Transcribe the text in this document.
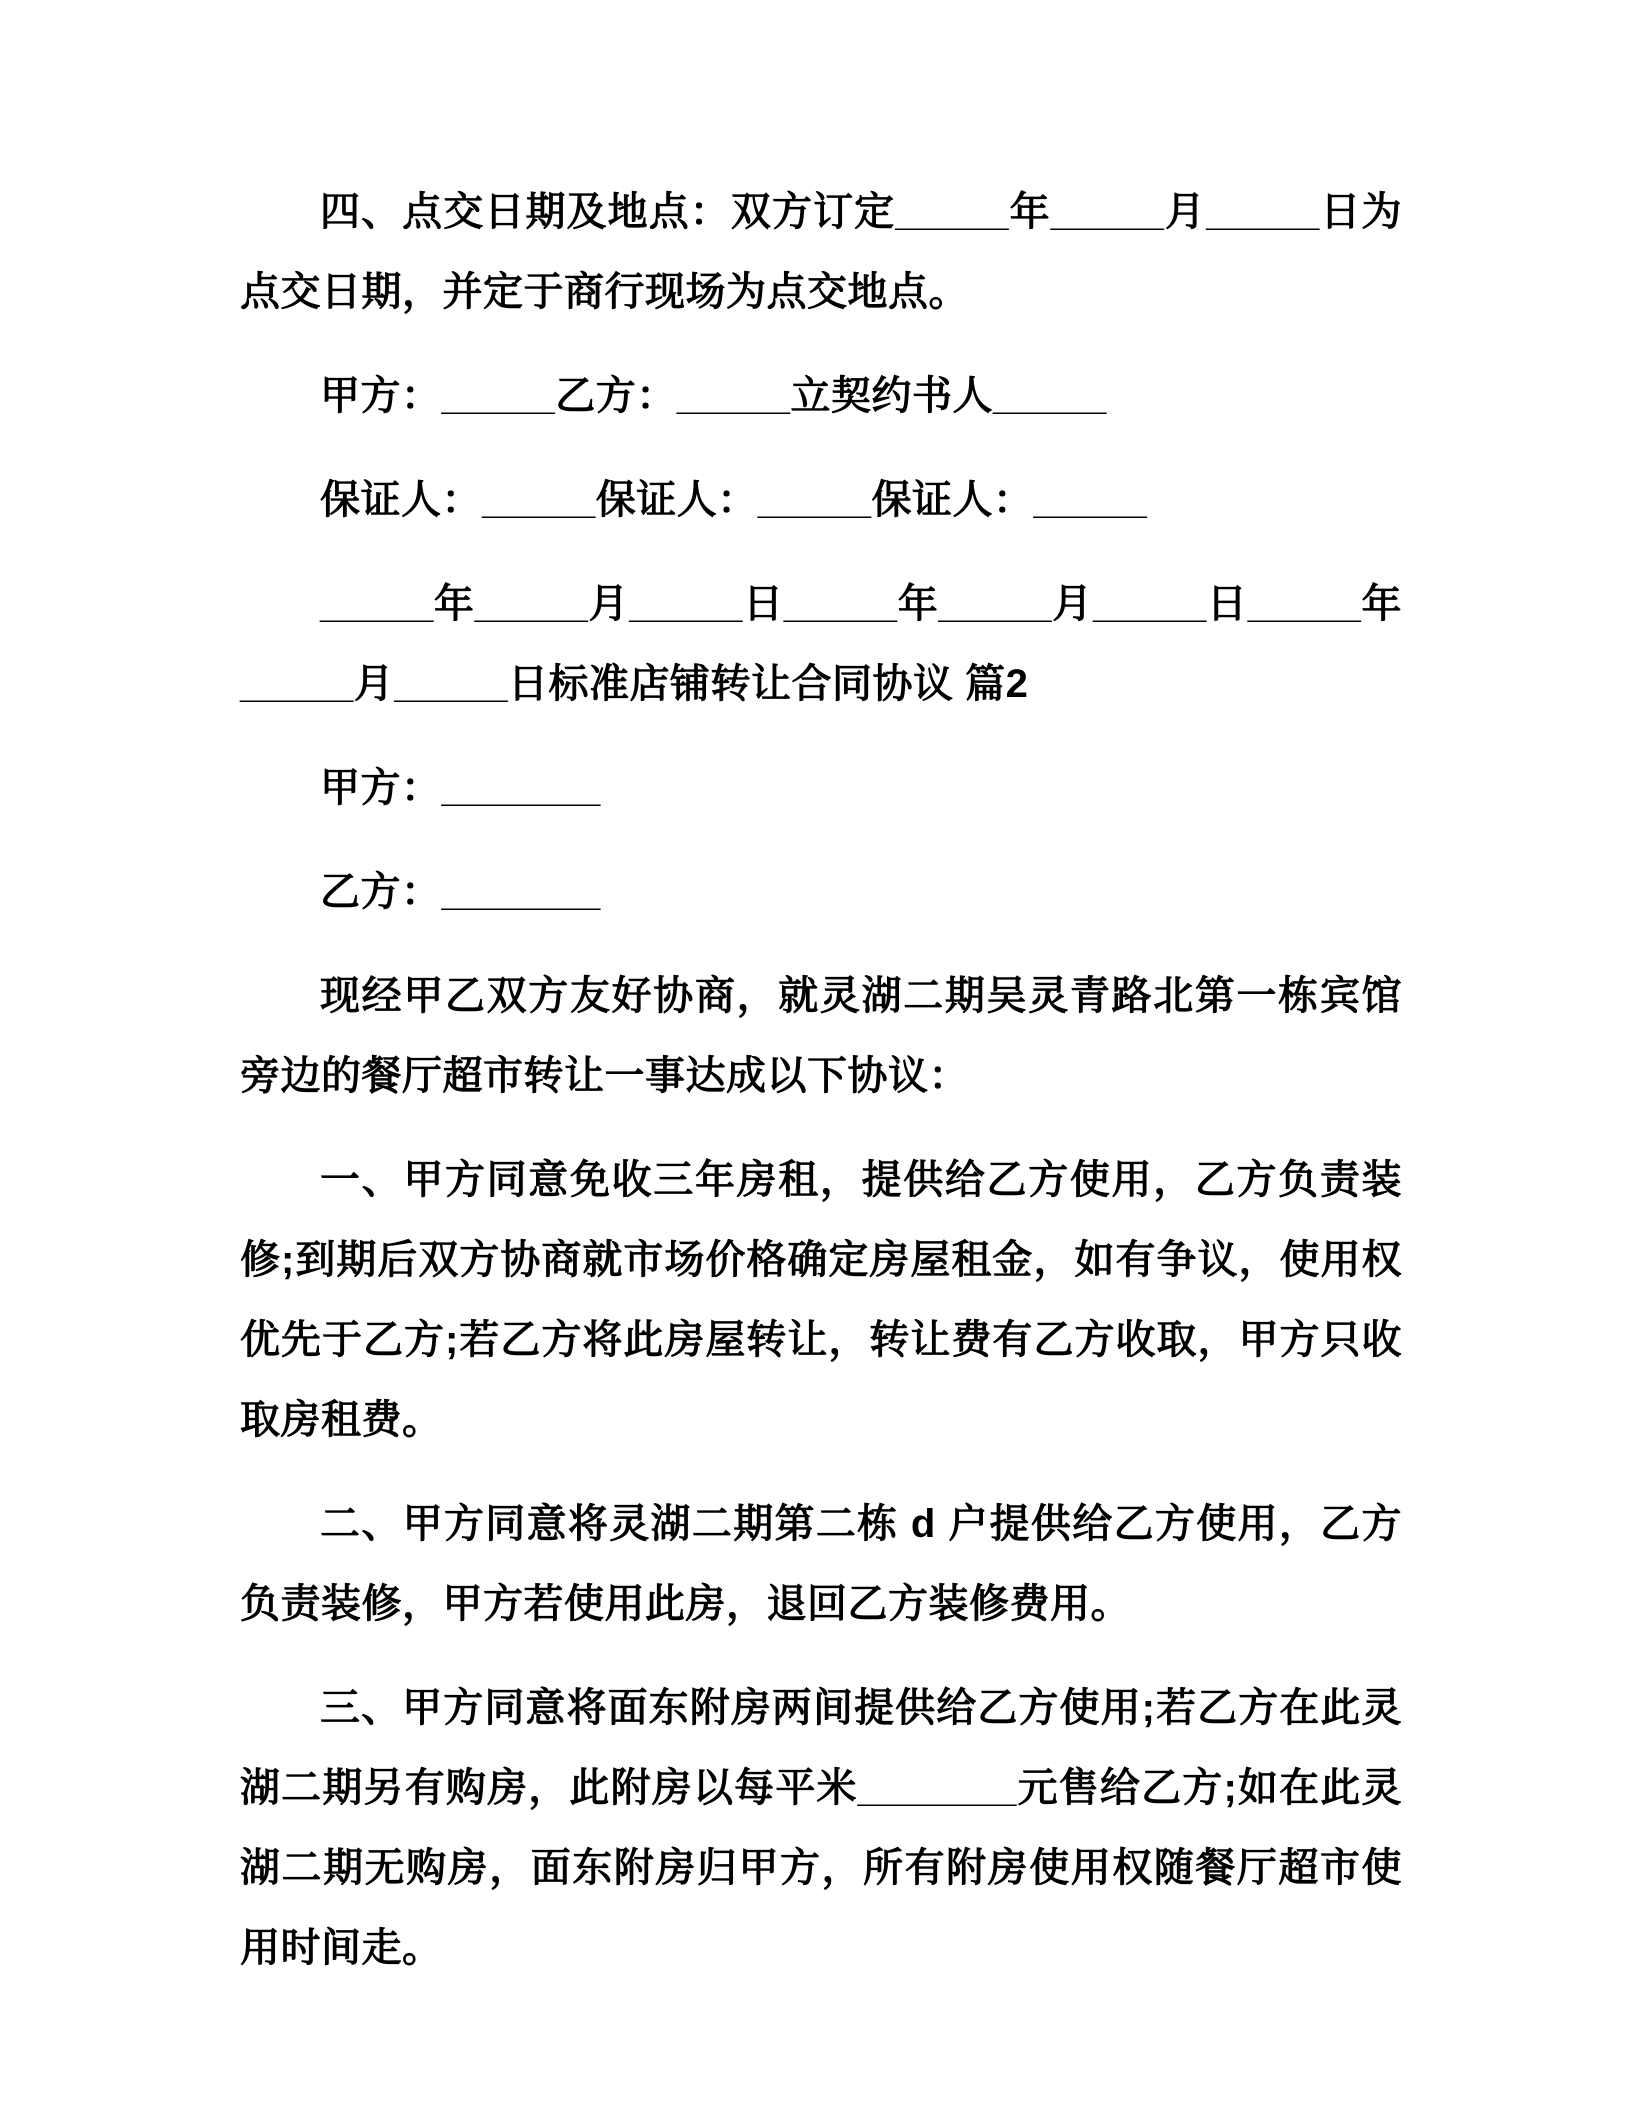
四、点交日期及地点：双方订定_____年_____月_____日为点交日期，并定于商行现场为点交地点。

甲方：_____乙方：_____立契约书人_____

保证人：_____保证人：_____保证人：_____

_____年_____月_____日_____年_____月_____日_____年_____月_____日标准店铺转让合同协议 篇2

甲方：_______

乙方：_______

现经甲乙双方友好协商，就灵湖二期吴灵青路北第一栋宾馆旁边的餐厅超市转让一事达成以下协议：

一、甲方同意免收三年房租，提供给乙方使用，乙方负责装修;到期后双方协商就市场价格确定房屋租金，如有争议，使用权优先于乙方;若乙方将此房屋转让，转让费有乙方收取，甲方只收取房租费。

二、甲方同意将灵湖二期第二栋 d 户提供给乙方使用，乙方负责装修，甲方若使用此房，退回乙方装修费用。

三、甲方同意将面东附房两间提供给乙方使用;若乙方在此灵湖二期另有购房，此附房以每平米_______元售给乙方;如在此灵湖二期无购房，面东附房归甲方，所有附房使用权随餐厅超市使用时间走。
